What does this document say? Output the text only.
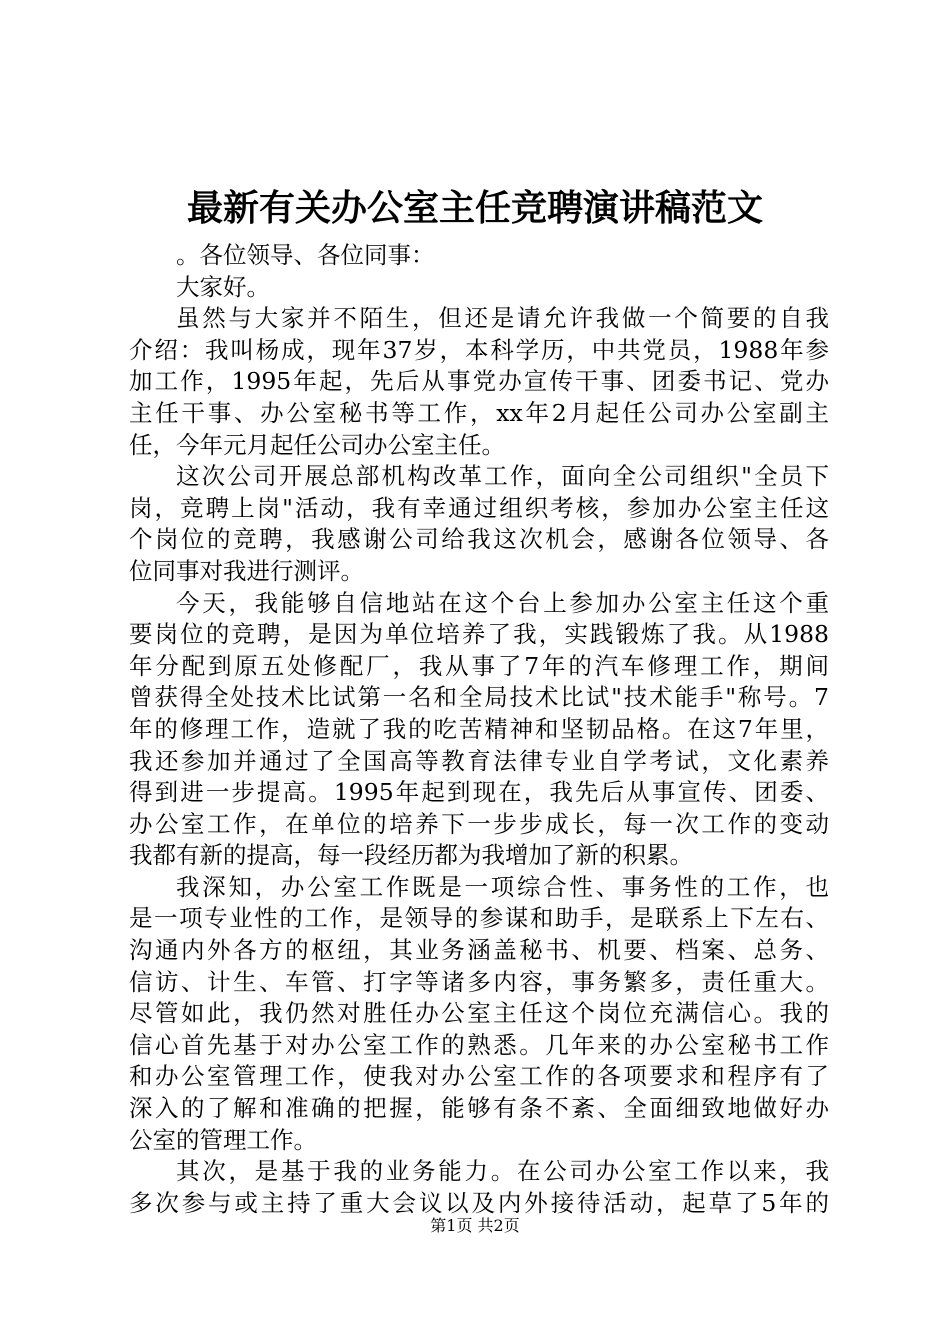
最新有关办公室主任竞聘演讲稿范文
。各位领导、各位同事：
大家好。
虽然与大家并不陌生，但还是请允许我做一个简要的自我
介绍：我叫杨成，现年37岁，本科学历，中共党员，1988年参
加工作，1995年起，先后从事党办宣传干事、团委书记、党办
主任干事、办公室秘书等工作，xx年2月起任公司办公室副主
任，今年元月起任公司办公室主任。
这次公司开展总部机构改革工作，面向全公司组织"全员下
岗，竞聘上岗"活动，我有幸通过组织考核，参加办公室主任这
个岗位的竞聘，我感谢公司给我这次机会，感谢各位领导、各
位同事对我进行测评。
今天，我能够自信地站在这个台上参加办公室主任这个重
要岗位的竞聘，是因为单位培养了我，实践锻炼了我。从1988
年分配到原五处修配厂，我从事了7年的汽车修理工作，期间
曾获得全处技术比试第一名和全局技术比试"技术能手"称号。7
年的修理工作，造就了我的吃苦精神和坚韧品格。在这7年里，
我还参加并通过了全国高等教育法律专业自学考试，文化素养
得到进一步提高。1995年起到现在，我先后从事宣传、团委、
办公室工作，在单位的培养下一步步成长，每一次工作的变动
我都有新的提高，每一段经历都为我增加了新的积累。
我深知，办公室工作既是一项综合性、事务性的工作，也
是一项专业性的工作，是领导的参谋和助手，是联系上下左右、
沟通内外各方的枢纽，其业务涵盖秘书、机要、档案、总务、
信访、计生、车管、打字等诸多内容，事务繁多，责任重大。
尽管如此，我仍然对胜任办公室主任这个岗位充满信心。我的
信心首先基于对办公室工作的熟悉。几年来的办公室秘书工作
和办公室管理工作，使我对办公室工作的各项要求和程序有了
深入的了解和准确的把握，能够有条不紊、全面细致地做好办
公室的管理工作。
其次，是基于我的业务能力。在公司办公室工作以来，我
多次参与或主持了重大会议以及内外接待活动，起草了5年的
第1页 共2页
